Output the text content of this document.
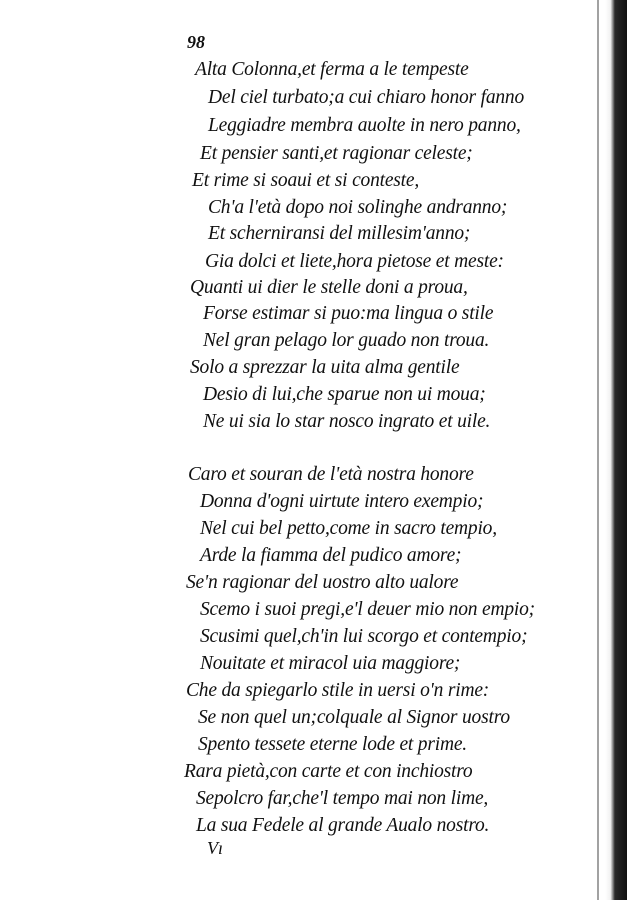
98
Alta Colonna,et ferma a le tempeste
Del ciel turbato;a cui chiaro honor fanno
Leggiadre membra auolte in nero panno,
Et pensier santi,et ragionar celeste;
Et rime si soaui et si conteste,
Ch'a l'età dopo noi solinghe andranno;
Et scherniransi del millesim'anno;
Gia dolci et liete,hora pietose et meste:
Quanti ui dier le stelle doni a proua,
Forse estimar si puo:ma lingua o stile
Nel gran pelago lor guado non troua.
Solo a sprezzar la uita alma gentile
Desio di lui,che sparue non ui moua;
Ne ui sia lo star nosco ingrato et uile.
Caro et souran de l'età nostra honore
Donna d'ogni uirtute intero exempio;
Nel cui bel petto,come in sacro tempio,
Arde la fiamma del pudico amore;
Se'n ragionar del uostro alto ualore
Scemo i suoi pregi,e'l deuer mio non empio;
Scusimi quel,ch'in lui scorgo et contempio;
Nouitate et miracol uia maggiore;
Che da spiegarlo stile in uersi o'n rime:
Se non quel un;colquale al Signor uostro
Spento tessete eterne lode et prime.
Rara pietà,con carte et con inchiostro
Sepolcro far,che'l tempo mai non lime,
La sua Fedele al grande Aualo nostro.
Vı
